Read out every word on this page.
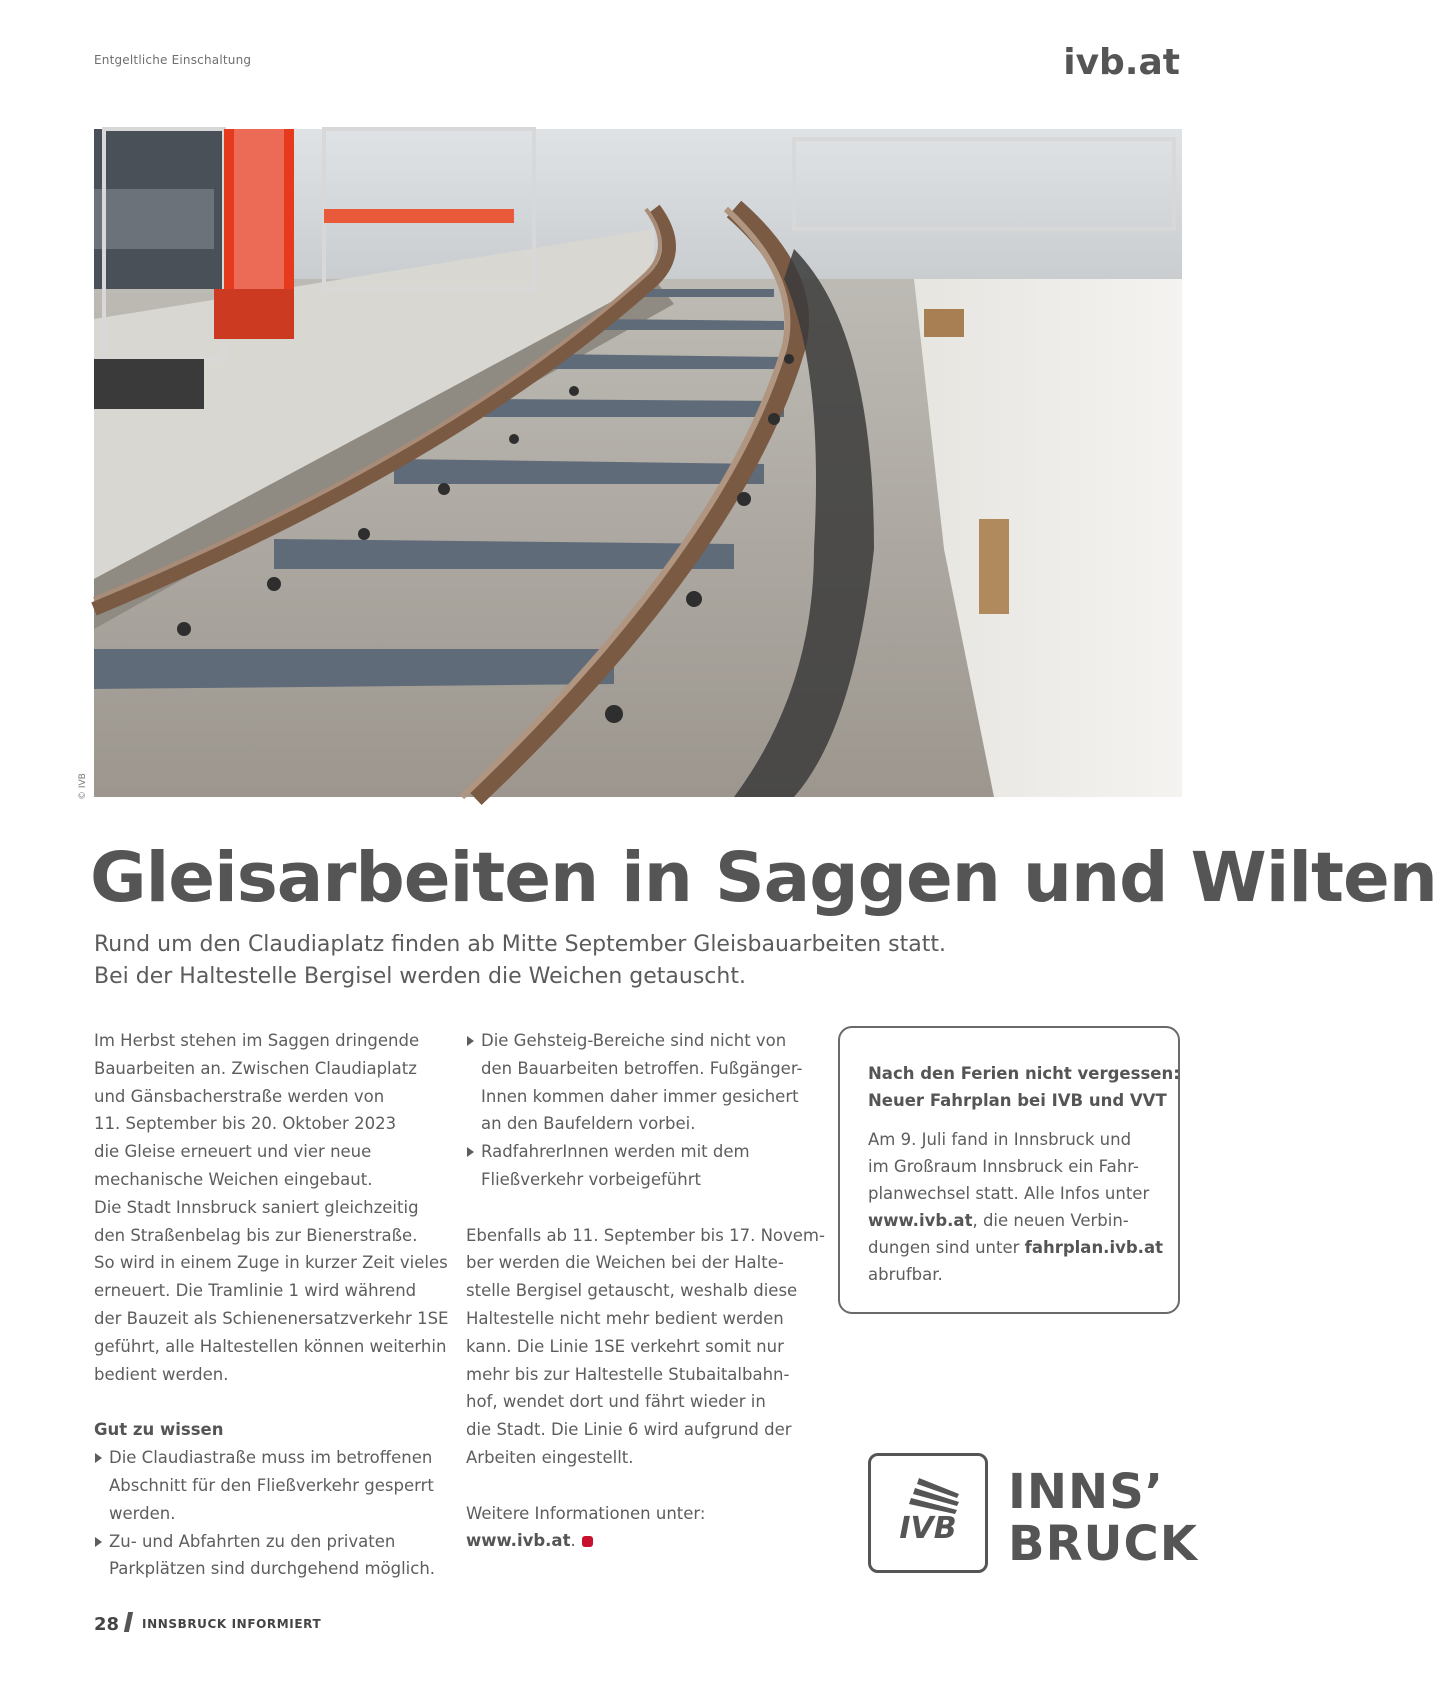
Entgeltliche Einschaltung	ivb.at
© IVB
Gleisarbeiten in Saggen und Wilten
Rund um den Claudiaplatz finden ab Mitte September Gleisbauarbeiten statt.
Bei der Haltestelle Bergisel werden die Weichen getauscht.
Im Herbst stehen im Saggen dringende
Bauarbeiten an. Zwischen Claudiaplatz
und Gänsbacherstraße werden von
11. September bis 20. Oktober 2023
die Gleise erneuert und vier neue
mechanische Weichen eingebaut.
Die Stadt Innsbruck saniert gleichzeitig
den Straßenbelag bis zur Bienerstraße.
So wird in einem Zuge in kurzer Zeit vieles
erneuert. Die Tramlinie 1 wird während
der Bauzeit als Schienenersatzverkehr 1SE
geführt, alle Haltestellen können weiterhin
bedient werden.
Gut zu wissen
Die Claudiastraße muss im betroffenen
Abschnitt für den Fließverkehr gesperrt
werden.
Zu- und Abfahrten zu den privaten
Parkplätzen sind durchgehend möglich.
Die Gehsteig-Bereiche sind nicht von
den Bauarbeiten betroffen. Fußgänger-
Innen kommen daher immer gesichert
an den Baufeldern vorbei.
RadfahrerInnen werden mit dem
Fließverkehr vorbeigeführt
Ebenfalls ab 11. September bis 17. Novem-
ber werden die Weichen bei der Halte-
stelle Bergisel getauscht, weshalb diese
Haltestelle nicht mehr bedient werden
kann. Die Linie 1SE verkehrt somit nur
mehr bis zur Haltestelle Stubaitalbahn-
hof, wendet dort und fährt wieder in
die Stadt. Die Linie 6 wird aufgrund der
Arbeiten eingestellt.
Weitere Informationen unter:
www.ivb.at.
Nach den Ferien nicht vergessen:
Neuer Fahrplan bei IVB und VVT
Am 9. Juli fand in Innsbruck und
im Großraum Innsbruck ein Fahr-
planwechsel statt. Alle Infos unter
www.ivb.at, die neuen Verbin-
dungen sind unter fahrplan.ivb.at
abrufbar.
IVB
INNS’
BRUCK
28 INNSBRUCK INFORMIERT
